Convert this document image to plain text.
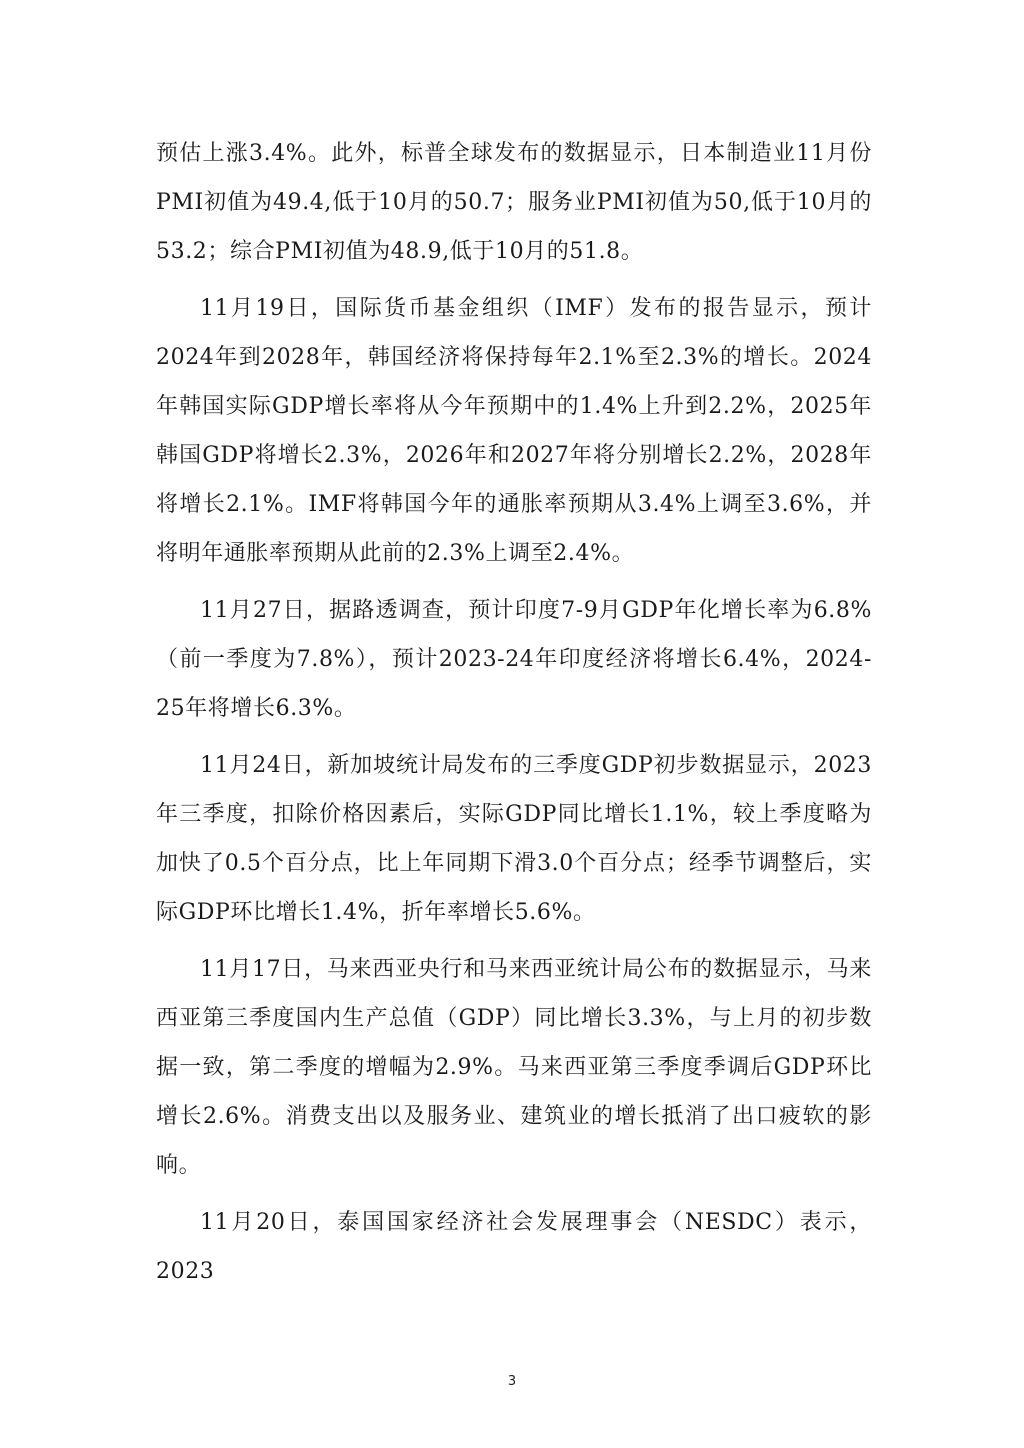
预估上涨3.4%。此外，标普全球发布的数据显示，日本制造业11月份PMI初值为49.4,低于10月的50.7；服务业PMI初值为50,低于10月的53.2；综合PMI初值为48.9,低于10月的51.8。

11月19日，国际货币基金组织（IMF）发布的报告显示，预计2024年到2028年，韩国经济将保持每年2.1%至2.3%的增长。2024年韩国实际GDP增长率将从今年预期中的1.4%上升到2.2%，2025年韩国GDP将增长2.3%，2026年和2027年将分别增长2.2%，2028年将增长2.1%。IMF将韩国今年的通胀率预期从3.4%上调至3.6%，并将明年通胀率预期从此前的2.3%上调至2.4%。

11月27日，据路透调查，预计印度7-9月GDP年化增长率为6.8%（前一季度为7.8%），预计2023-24年印度经济将增长6.4%，2024-25年将增长6.3%。

11月24日，新加坡统计局发布的三季度GDP初步数据显示，2023年三季度，扣除价格因素后，实际GDP同比增长1.1%，较上季度略为加快了0.5个百分点，比上年同期下滑3.0个百分点；经季节调整后，实际GDP环比增长1.4%，折年率增长5.6%。

11月17日，马来西亚央行和马来西亚统计局公布的数据显示，马来西亚第三季度国内生产总值（GDP）同比增长3.3%，与上月的初步数据一致，第二季度的增幅为2.9%。马来西亚第三季度季调后GDP环比增长2.6%。消费支出以及服务业、建筑业的增长抵消了出口疲软的影响。

11月20日，泰国国家经济社会发展理事会（NESDC）表示，2023

3
